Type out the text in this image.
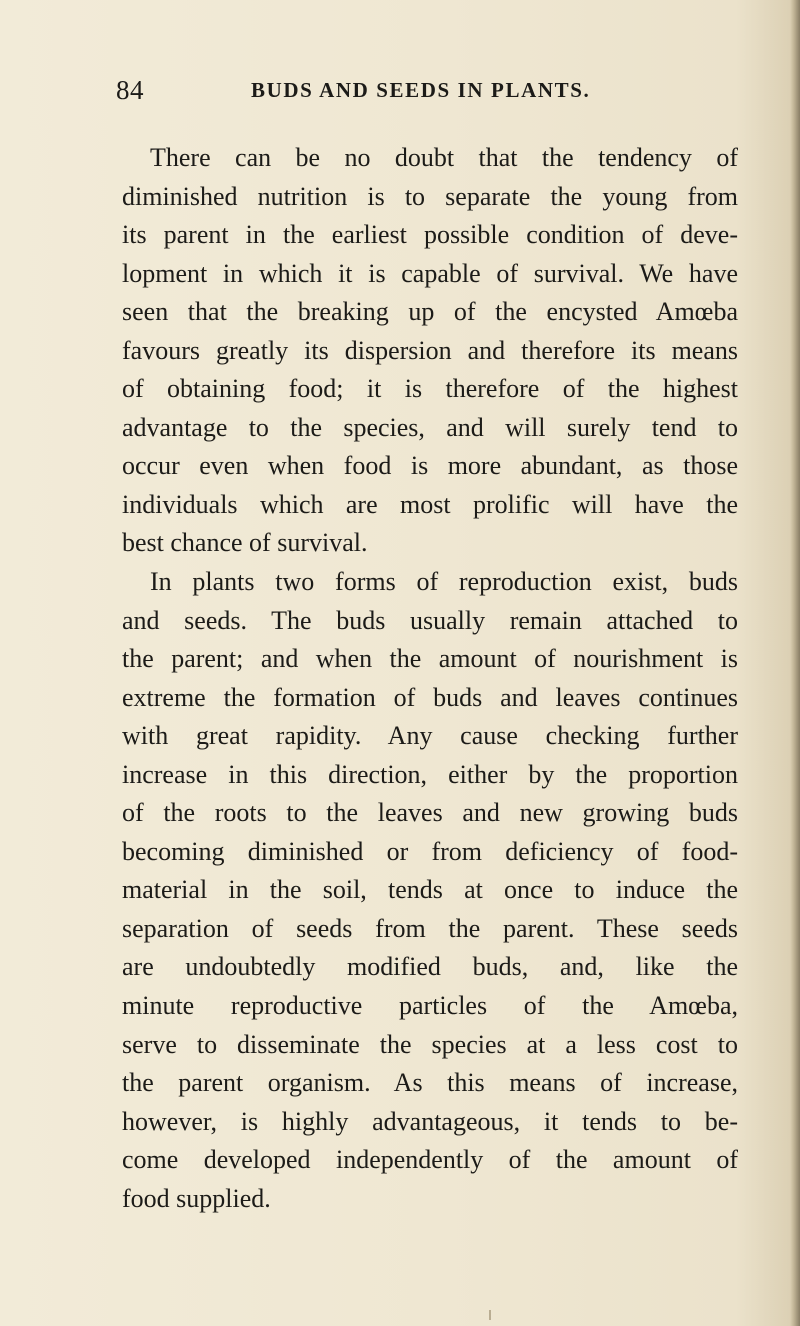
84	BUDS AND SEEDS IN PLANTS.
There can be no doubt that the tendency of
diminished nutrition is to separate the young from
its parent in the earliest possible condition of deve-
lopment in which it is capable of survival. We have
seen that the breaking up of the encysted Amœba
favours greatly its dispersion and therefore its means
of obtaining food; it is therefore of the highest
advantage to the species, and will surely tend to
occur even when food is more abundant, as those
individuals which are most prolific will have the
best chance of survival.
In plants two forms of reproduction exist, buds
and seeds. The buds usually remain attached to
the parent; and when the amount of nourishment is
extreme the formation of buds and leaves continues
with great rapidity. Any cause checking further
increase in this direction, either by the proportion
of the roots to the leaves and new growing buds
becoming diminished or from deficiency of food-
material in the soil, tends at once to induce the
separation of seeds from the parent. These seeds
are undoubtedly modified buds, and, like the
minute reproductive particles of the Amœba,
serve to disseminate the species at a less cost to
the parent organism. As this means of increase,
however, is highly advantageous, it tends to be-
come developed independently of the amount of
food supplied.
